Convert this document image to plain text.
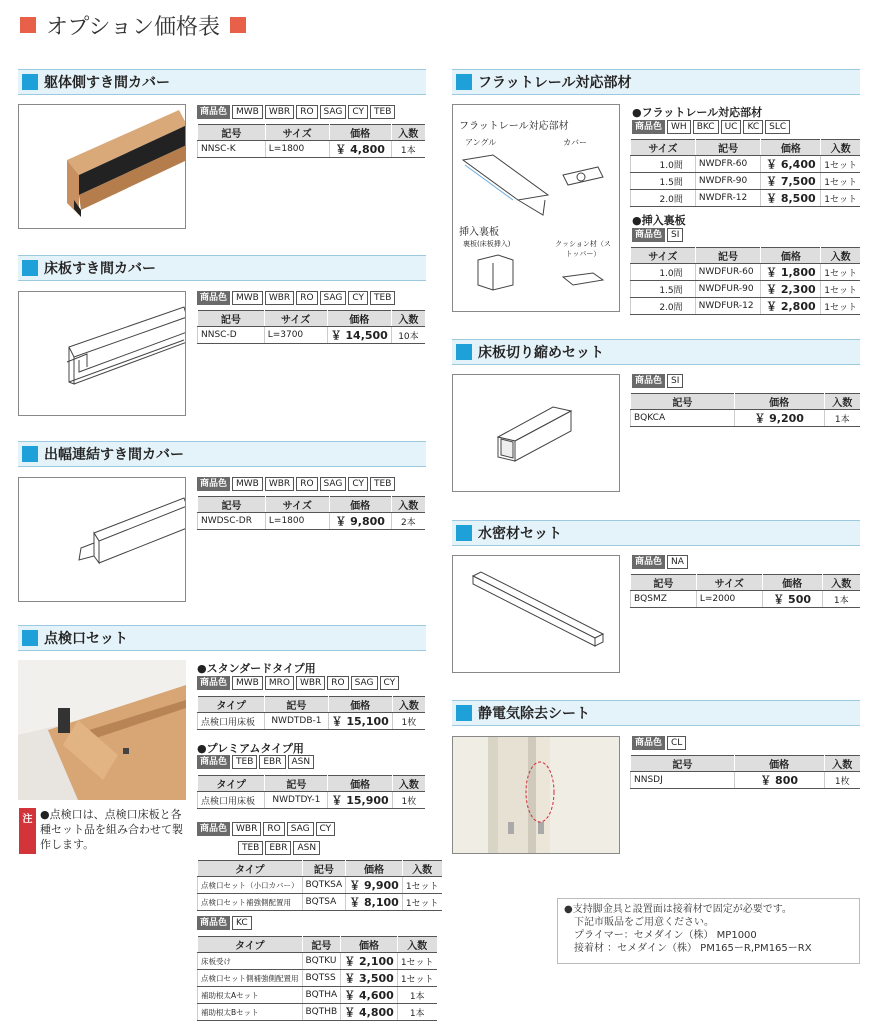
オプション価格表
躯体側すき間カバー
商品色	MWB	WBR	RO	SAG	CY	TEB
記号	サイズ	価格	入数
NNSC-K	L=1800	￥ 4,800	1本
床板すき間カバー
商品色	MWB	WBR	RO	SAG	CY	TEB
記号	サイズ	価格	入数
NNSC-D	L=3700	￥ 14,500	10本
出幅連結すき間カバー
商品色	MWB	WBR	RO	SAG	CY	TEB
記号	サイズ	価格	入数
NWDSC-DR	L=1800	￥ 9,800	2本
点検口セット
●スタンダードタイプ用
商品色	MWB	MRO	WBR	RO	SAG	CY
タイプ	記号	価格	入数
点検口用床板	NWDTDB-1	￥ 15,100	1枚
●プレミアムタイプ用
商品色	TEB	EBR	ASN
タイプ	記号	価格	入数
点検口用床板	NWDTDY-1	￥ 15,900	1枚
商品色	WBR	RO	SAG	CY
TEB	EBR	ASN
タイプ	記号	価格	入数
点検口セット（小口カバー）	BQTKSA	￥ 9,900	1セット
点検口セット補強側配置用	BQTSA	￥ 8,100	1セット
商品色	KC
タイプ	記号	価格	入数
床板受け	BQTKU	￥ 2,100	1セット
点検口セット側補強側配置用	BQTSS	￥ 3,500	1セット
補助根太Aセット	BQTHA	￥ 4,600	1本
補助根太Bセット	BQTHB	￥ 4,800	1本
注 ●点検口は、点検口床板と各種セット品を組み合わせて製作します。
フラットレール対応部材
フラットレール対応部材
アングル	カバー
挿入裏板
裏板(床板挿入)	クッション材（ストッパー）
●フラットレール対応部材
商品色	WH	BKC	UC	KC	SLC
サイズ	記号	価格	入数
1.0間	NWDFR-60	￥ 6,400	1セット
1.5間	NWDFR-90	￥ 7,500	1セット
2.0間	NWDFR-12	￥ 8,500	1セット
●挿入裏板
商品色	SI
サイズ	記号	価格	入数
1.0間	NWDFUR-60	￥ 1,800	1セット
1.5間	NWDFUR-90	￥ 2,300	1セット
2.0間	NWDFUR-12	￥ 2,800	1セット
床板切り縮めセット
商品色	SI
記号	価格	入数
BQKCA	￥ 9,200	1本
水密材セット
商品色	NA
記号	サイズ	価格	入数
BQSMZ	L=2000	￥ 500	1本
静電気除去シート
商品色	CL
記号	価格	入数
NNSDJ	￥ 800	1枚
●支持脚金具と設置面は接着材で固定が必要です。
下記市販品をご用意ください。
プライマー：セメダイン（株） MP1000
接着材 ：セメダイン（株） PM165ーR,PM165ーRX
